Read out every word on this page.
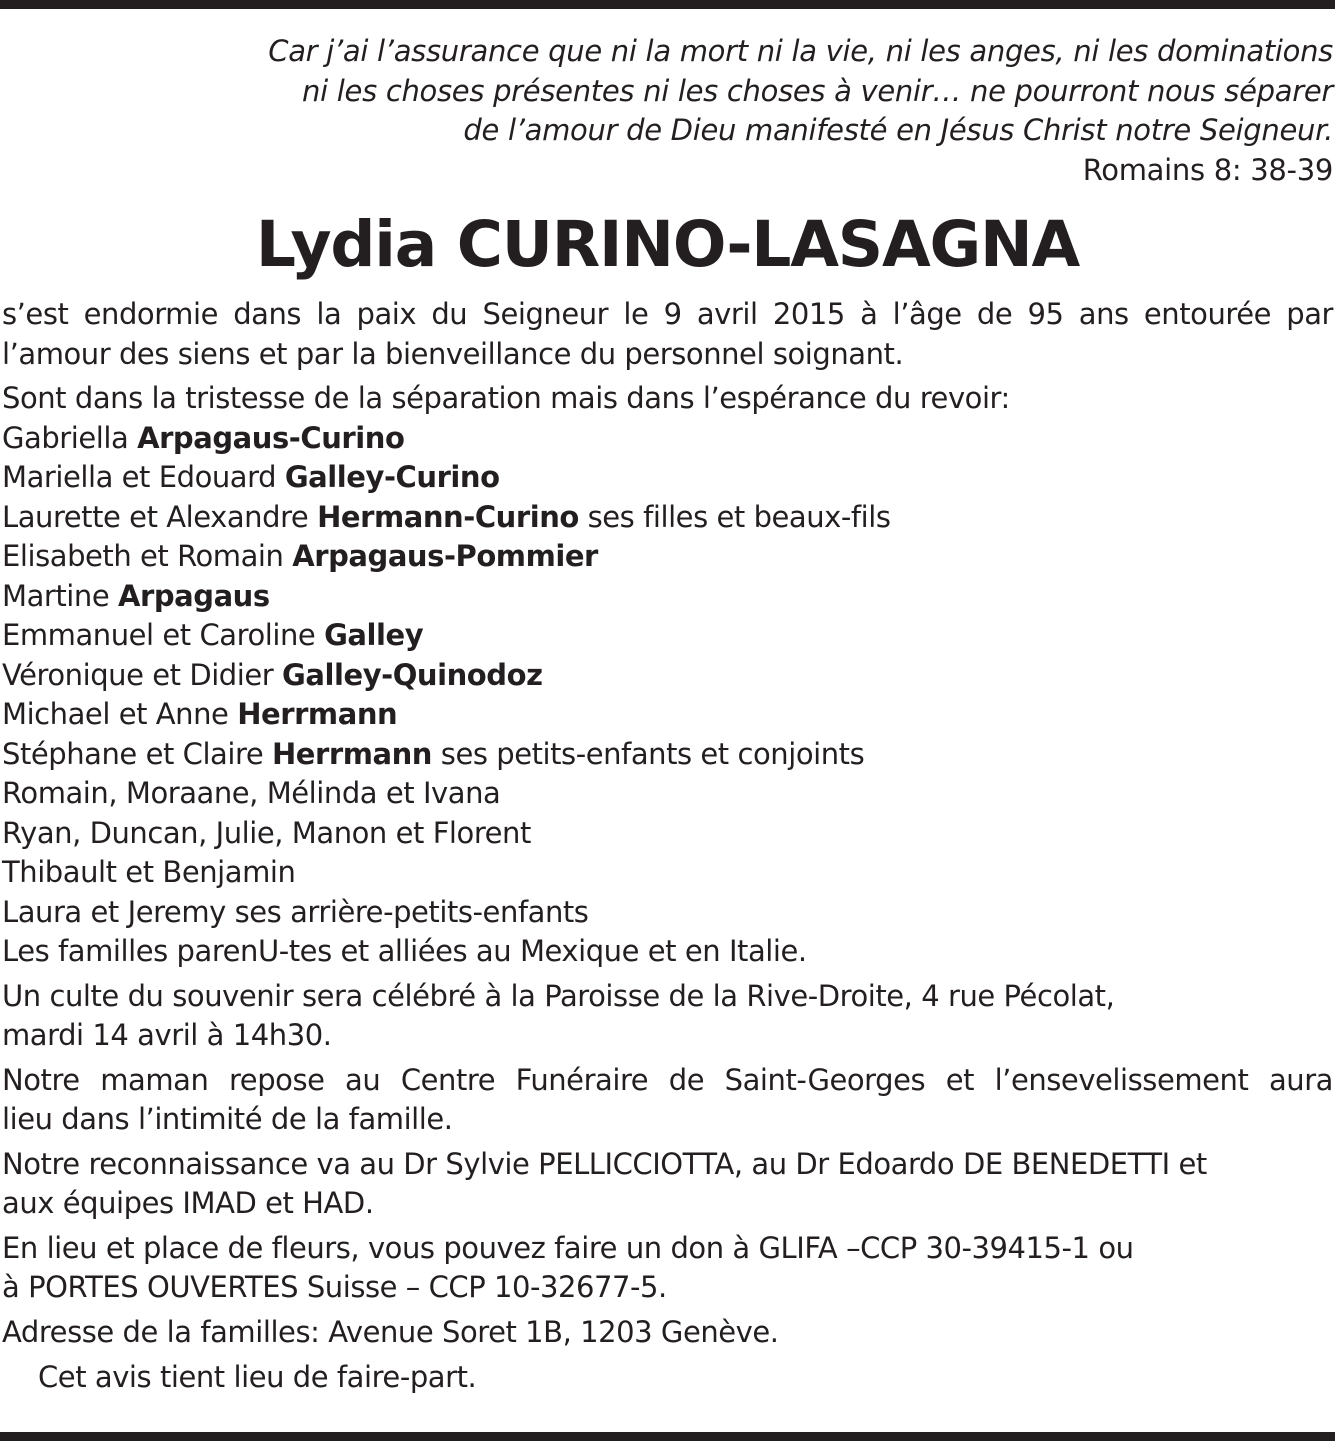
Car j’ai l’assurance que ni la mort ni la vie, ni les anges, ni les dominations
ni les choses présentes ni les choses à venir… ne pourront nous séparer
de l’amour de Dieu manifesté en Jésus Christ notre Seigneur.
Romains 8: 38-39
Lydia CURINO-LASAGNA
s’est endormie dans la paix du Seigneur le 9 avril 2015 à l’âge de 95 ans entourée par
l’amour des siens et par la bienveillance du personnel soignant.
Sont dans la tristesse de la séparation mais dans l’espérance du revoir:
Gabriella Arpagaus-Curino
Mariella et Edouard Galley-Curino
Laurette et Alexandre Hermann-Curino ses filles et beaux-fils
Elisabeth et Romain Arpagaus-Pommier
Martine Arpagaus
Emmanuel et Caroline Galley
Véronique et Didier Galley-Quinodoz
Michael et Anne Herrmann
Stéphane et Claire Herrmann ses petits-enfants et conjoints
Romain, Moraane, Mélinda et Ivana
Ryan, Duncan, Julie, Manon et Florent
Thibault et Benjamin
Laura et Jeremy ses arrière-petits-enfants
Les familles parenU-tes et alliées au Mexique et en Italie.
Un culte du souvenir sera célébré à la Paroisse de la Rive-Droite, 4 rue Pécolat,
mardi 14 avril à 14h30.
Notre maman repose au Centre Funéraire de Saint-Georges et l’ensevelissement aura
lieu dans l’intimité de la famille.
Notre reconnaissance va au Dr Sylvie PELLICCIOTTA, au Dr Edoardo DE BENEDETTI et
aux équipes IMAD et HAD.
En lieu et place de fleurs, vous pouvez faire un don à GLIFA –CCP 30-39415-1 ou
à PORTES OUVERTES Suisse – CCP 10-32677-5.
Adresse de la familles: Avenue Soret 1B, 1203 Genève.
Cet avis tient lieu de faire-part.
